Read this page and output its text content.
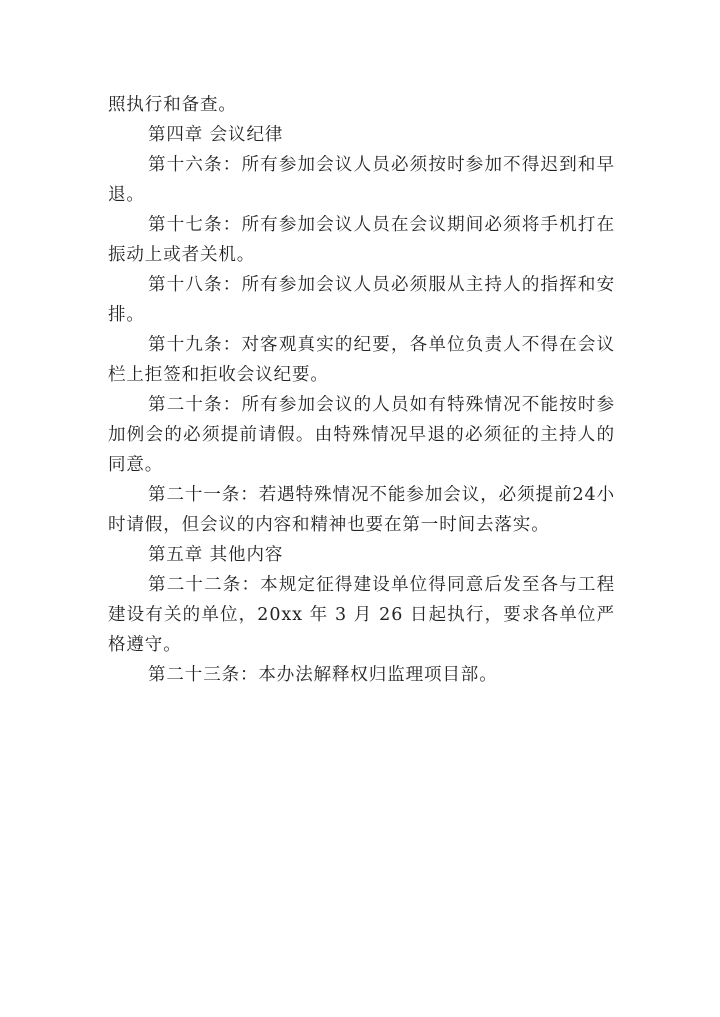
照执行和备查。

第四章 会议纪律

第十六条：所有参加会议人员必须按时参加不得迟到和早退。

第十七条：所有参加会议人员在会议期间必须将手机打在振动上或者关机。

第十八条：所有参加会议人员必须服从主持人的指挥和安排。

第十九条：对客观真实的纪要，各单位负责人不得在会议栏上拒签和拒收会议纪要。

第二十条：所有参加会议的人员如有特殊情况不能按时参加例会的必须提前请假。由特殊情况早退的必须征的主持人的同意。

第二十一条：若遇特殊情况不能参加会议，必须提前24小时请假，但会议的内容和精神也要在第一时间去落实。

第五章 其他内容

第二十二条：本规定征得建设单位得同意后发至各与工程建设有关的单位，20xx 年 3 月 26 日起执行，要求各单位严格遵守。

第二十三条：本办法解释权归监理项目部。
